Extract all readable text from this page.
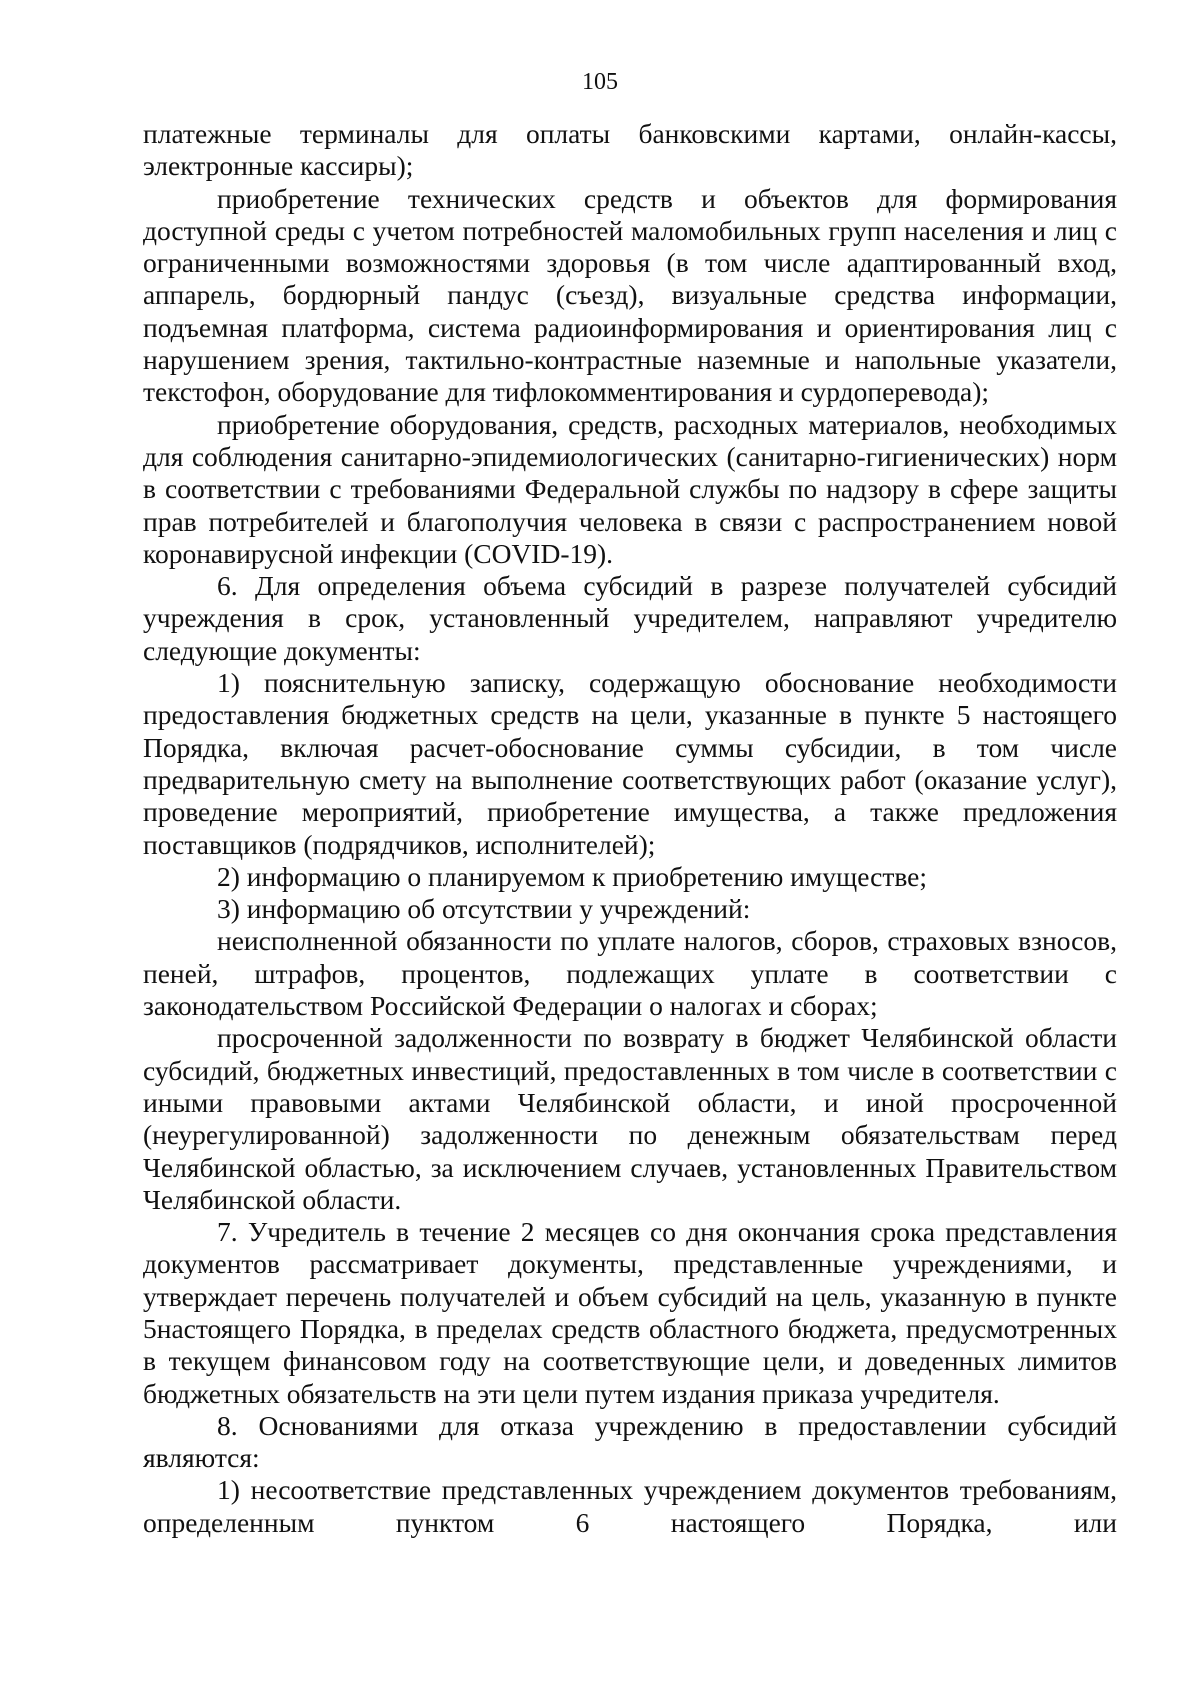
105

платежные терминалы для оплаты банковскими картами, онлайн-кассы, электронные кассиры);

приобретение технических средств и объектов для формирования доступной среды с учетом потребностей маломобильных групп населения и лиц с ограниченными возможностями здоровья (в том числе адаптированный вход, аппарель, бордюрный пандус (съезд), визуальные средства информации, подъемная платформа, система радиоинформирования и ориентирования лиц с нарушением зрения, тактильно-контрастные наземные и напольные указатели, текстофон, оборудование для тифлокомментирования и сурдоперевода);

приобретение оборудования, средств, расходных материалов, необходимых для соблюдения санитарно-эпидемиологических (санитарно-гигиенических) норм в соответствии с требованиями Федеральной службы по надзору в сфере защиты прав потребителей и благополучия человека в связи с распространением новой коронавирусной инфекции (COVID-19).

6. Для определения объема субсидий в разрезе получателей субсидий учреждения в срок, установленный учредителем, направляют учредителю следующие документы:

1) пояснительную записку, содержащую обоснование необходимости предоставления бюджетных средств на цели, указанные в пункте 5 настоящего Порядка, включая расчет-обоснование суммы субсидии, в том числе предварительную смету на выполнение соответствующих работ (оказание услуг), проведение мероприятий, приобретение имущества, а также предложения поставщиков (подрядчиков, исполнителей);

2) информацию о планируемом к приобретению имуществе;

3) информацию об отсутствии у учреждений:

неисполненной обязанности по уплате налогов, сборов, страховых взносов, пеней, штрафов, процентов, подлежащих уплате в соответствии с законодательством Российской Федерации о налогах и сборах;

просроченной задолженности по возврату в бюджет Челябинской области субсидий, бюджетных инвестиций, предоставленных в том числе в соответствии с иными правовыми актами Челябинской области, и иной просроченной (неурегулированной) задолженности по денежным обязательствам перед Челябинской областью, за исключением случаев, установленных Правительством Челябинской области.

7. Учредитель в течение 2 месяцев со дня окончания срока представления документов рассматривает документы, представленные учреждениями, и утверждает перечень получателей и объем субсидий на цель, указанную в пункте 5настоящего Порядка, в пределах средств областного бюджета, предусмотренных в текущем финансовом году на соответствующие цели, и доведенных лимитов бюджетных обязательств на эти цели путем издания приказа учредителя.

8. Основаниями для отказа учреждению в предоставлении субсидий являются:

1) несоответствие представленных учреждением документов требованиям, определенным пунктом 6 настоящего Порядка, или
